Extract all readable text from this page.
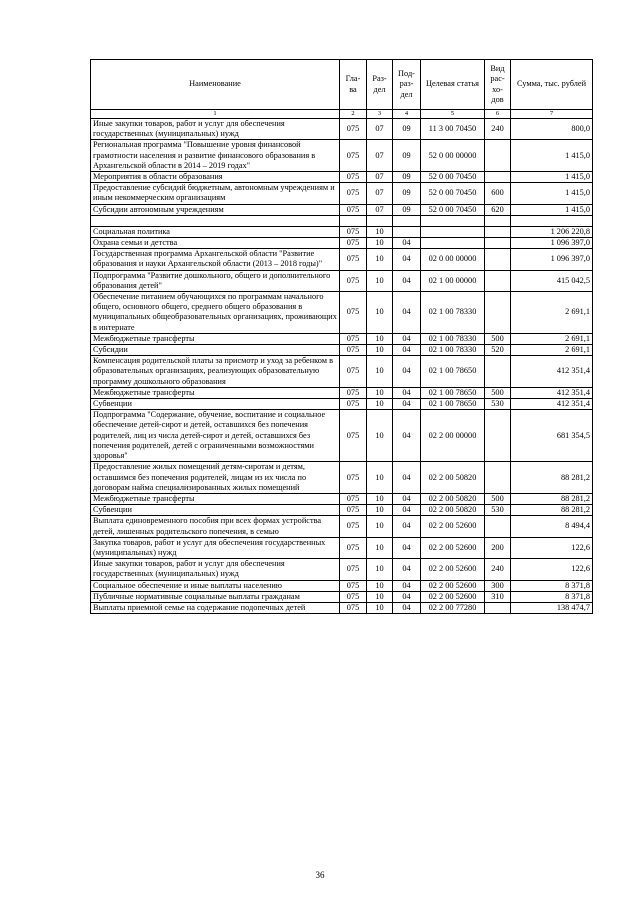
Наименование	Гла-ва	Раз-дел	Под-раз-дел	Целевая статья	Вид рас-хо-дов	Сумма, тыс. рублей
1	2	3	4	5	6	7
Иные закупки товаров, работ и услуг для обеспечения государственных (муниципальных) нужд	075	07	09	11 3 00 70450	240	800,0
Региональная программа "Повышение уровня финансовой грамотности населения и развитие финансового образования в Архангельской области в 2014 – 2019 годах"	075	07	09	52 0 00 00000		1 415,0
Мероприятия в области образования	075	07	09	52 0 00 70450		1 415,0
Предоставление субсидий бюджетным, автономным учреждениям и иным некоммерческим организациям	075	07	09	52 0 00 70450	600	1 415,0
Субсидии автономным учреждениям	075	07	09	52 0 00 70450	620	1 415,0

Социальная политика	075	10				1 206 220,8
Охрана семьи и детства	075	10	04			1 096 397,0
Государственная программа Архангельской области "Развитие образования и науки Архангельской области (2013 – 2018 годы)"	075	10	04	02 0 00 00000		1 096 397,0
Подпрограмма "Развитие дошкольного, общего и дополнительного образования детей"	075	10	04	02 1 00 00000		415 042,5
Обеспечение питанием обучающихся по программам начального общего, основного общего, среднего общего образования в муниципальных общеобразовательных организациях, проживающих в интернате	075	10	04	02 1 00 78330		2 691,1
Межбюджетные трансферты	075	10	04	02 1 00 78330	500	2 691,1
Субсидии	075	10	04	02 1 00 78330	520	2 691,1
Компенсация родительской платы за присмотр и уход за ребенком в образовательных организациях, реализующих образовательную программу дошкольного образования	075	10	04	02 1 00 78650		412 351,4
Межбюджетные трансферты	075	10	04	02 1 00 78650	500	412 351,4
Субвенции	075	10	04	02 1 00 78650	530	412 351,4
Подпрограмма "Содержание, обучение, воспитание и социальное обеспечение детей-сирот и детей, оставшихся без попечения родителей, лиц из числа детей-сирот и детей, оставшихся без попечения родителей, детей с ограниченными возможностями здоровья"	075	10	04	02 2 00 00000		681 354,5
Предоставление жилых помещений детям-сиротам и детям, оставшимся без попечения родителей, лицам из их числа по договорам найма специализированных жилых помещений	075	10	04	02 2 00 50820		88 281,2
Межбюджетные трансферты	075	10	04	02 2 00 50820	500	88 281,2
Субвенции	075	10	04	02 2 00 50820	530	88 281,2
Выплата единовременного пособия при всех формах устройства детей, лишенных родительского попечения, в семью	075	10	04	02 2 00 52600		8 494,4
Закупка товаров, работ и услуг для обеспечения государственных (муниципальных) нужд	075	10	04	02 2 00 52600	200	122,6
Иные закупки товаров, работ и услуг для обеспечения государственных (муниципальных) нужд	075	10	04	02 2 00 52600	240	122,6
Социальное обеспечение и иные выплаты населению	075	10	04	02 2 00 52600	300	8 371,8
Публичные нормативные социальные выплаты гражданам	075	10	04	02 2 00 52600	310	8 371,8
Выплаты приемной семье на содержание подопечных детей	075	10	04	02 2 00 77280		138 474,7
36
